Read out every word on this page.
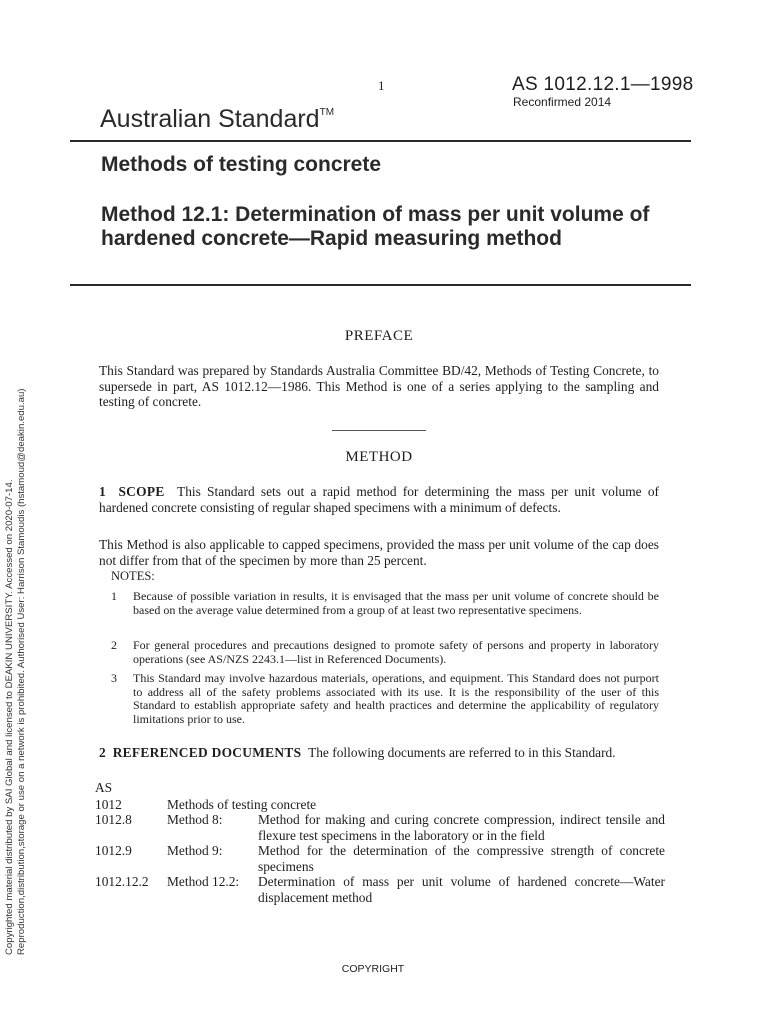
1	AS 1012.12.1—1998
Reconfirmed 2014
Australian Standard™
Methods of testing concrete
Method 12.1: Determination of mass per unit volume of hardened concrete—Rapid measuring method
PREFACE
This Standard was prepared by Standards Australia Committee BD/42, Methods of Testing Concrete, to supersede in part, AS 1012.12—1986. This Method is one of a series applying to the sampling and testing of concrete.
METHOD
1 SCOPE This Standard sets out a rapid method for determining the mass per unit volume of hardened concrete consisting of regular shaped specimens with a minimum of defects.
This Method is also applicable to capped specimens, provided the mass per unit volume of the cap does not differ from that of the specimen by more than 25 percent.
NOTES:
1 Because of possible variation in results, it is envisaged that the mass per unit volume of concrete should be based on the average value determined from a group of at least two representative specimens.
2 For general procedures and precautions designed to promote safety of persons and property in laboratory operations (see AS/NZS 2243.1—list in Referenced Documents).
3 This Standard may involve hazardous materials, operations, and equipment. This Standard does not purport to address all of the safety problems associated with its use. It is the responsibility of the user of this Standard to establish appropriate safety and health practices and determine the applicability of regulatory limitations prior to use.
2 REFERENCED DOCUMENTS The following documents are referred to in this Standard.
AS
1012	Methods of testing concrete
1012.8	Method 8:	Method for making and curing concrete compression, indirect tensile and flexure test specimens in the laboratory or in the field
1012.9	Method 9:	Method for the determination of the compressive strength of concrete specimens
1012.12.2	Method 12.2:	Determination of mass per unit volume of hardened concrete—Water displacement method
COPYRIGHT
Copyrighted material distributed by SAI Global and licensed to DEAKIN UNIVERSITY. Accessed on 2020-07-14. Reproduction,distribution,storage or use on a network is prohibited. Authorised User: Harrison Stamoudis (hstamoud@deakin.edu.au)
